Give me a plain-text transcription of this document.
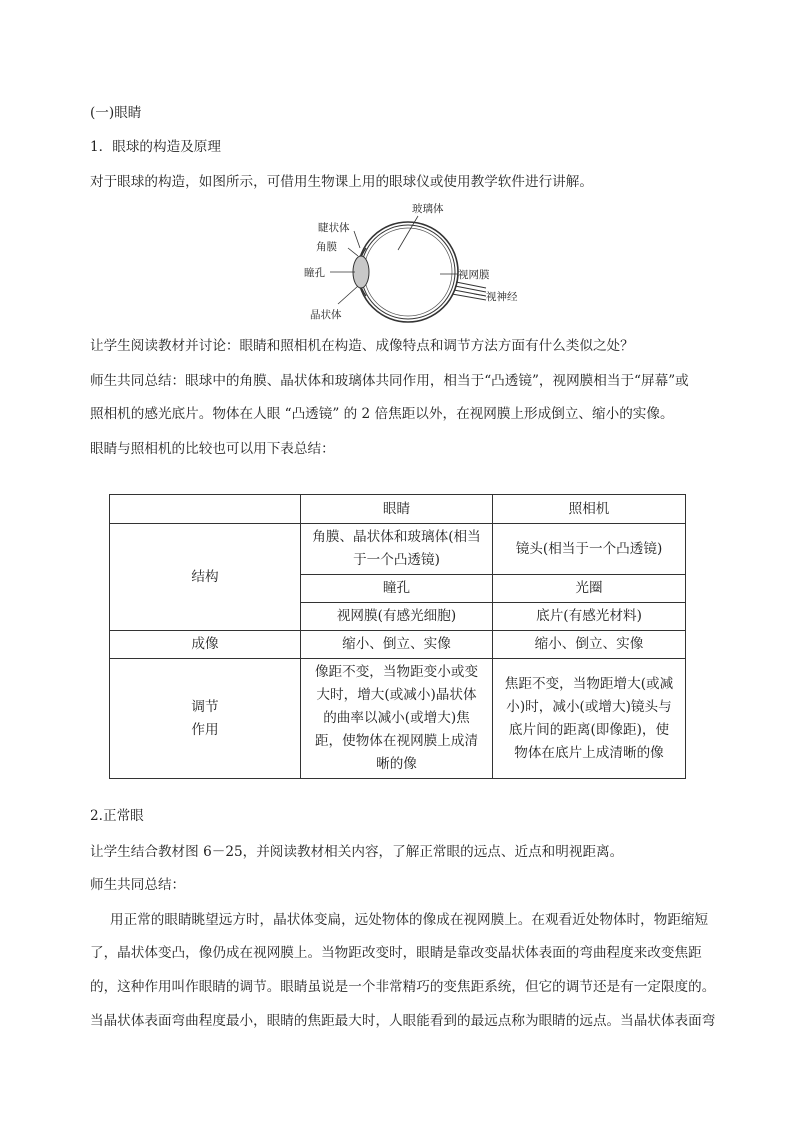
(一)眼睛
1．眼球的构造及原理
对于眼球的构造，如图所示，可借用生物课上用的眼球仪或使用教学软件进行讲解。
玻璃体
睫状体
角膜
瞳孔
晶状体
视网膜
视神经
让学生阅读教材并讨论：眼睛和照相机在构造、成像特点和调节方法方面有什么类似之处？
师生共同总结：眼球中的角膜、晶状体和玻璃体共同作用，相当于“凸透镜”，视网膜相当于“屏幕”或
照相机的感光底片。物体在人眼 “凸透镜” 的 2 倍焦距以外，在视网膜上形成倒立、缩小的实像。
眼睛与照相机的比较也可以用下表总结：
	眼睛	照相机
结构	角膜、晶状体和玻璃体(相当于一个凸透镜)	镜头(相当于一个凸透镜)
	瞳孔	光圈
	视网膜(有感光细胞)	底片(有感光材料)
成像	缩小、倒立、实像	缩小、倒立、实像

调节
作用	像距不变，当物距变小或变大时，增大(或减小)晶状体的曲率以减小(或增大)焦距，使物体在视网膜上成清晰的像	焦距不变，当物距增大(或减小)时，减小(或增大)镜头与底片间的距离(即像距)，使物体在底片上成清晰的像
2.正常眼
让学生结合教材图 6－25，并阅读教材相关内容，了解正常眼的远点、近点和明视距离。
师生共同总结：
用正常的眼睛眺望远方时，晶状体变扁，远处物体的像成在视网膜上。在观看近处物体时，物距缩短
了，晶状体变凸，像仍成在视网膜上。当物距改变时，眼睛是靠改变晶状体表面的弯曲程度来改变焦距
的，这种作用叫作眼睛的调节。眼睛虽说是一个非常精巧的变焦距系统，但它的调节还是有一定限度的。
当晶状体表面弯曲程度最小，眼睛的焦距最大时，人眼能看到的最远点称为眼睛的远点。当晶状体表面弯
